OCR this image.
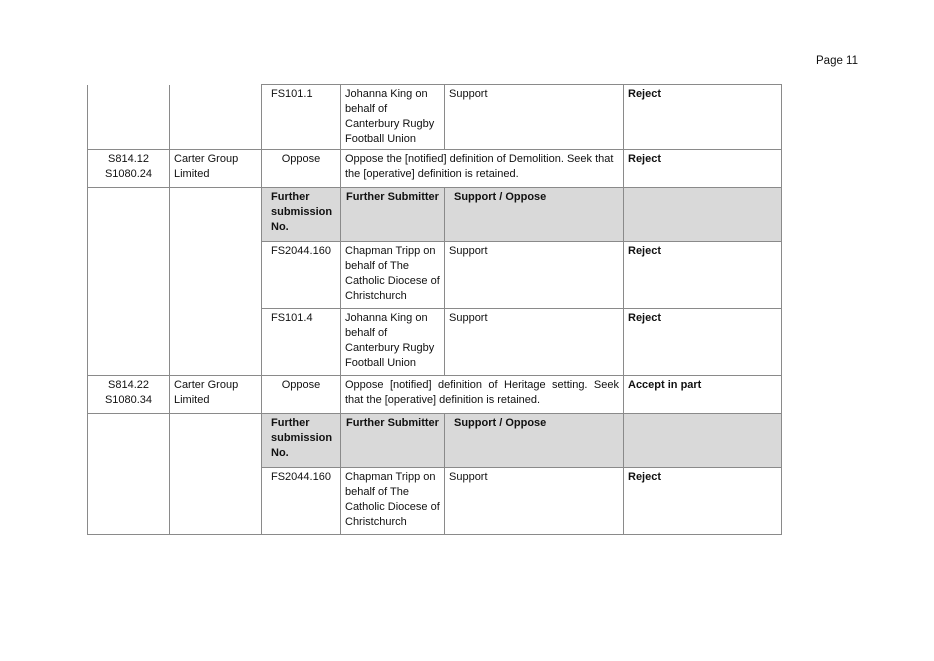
Page 11
		FS101.1	Johanna King on behalf of Canterbury Rugby Football Union	Support	Reject

S814.12
S1080.24	Carter Group Limited	Oppose	Oppose the [notified] definition of Demolition. Seek that the [operative] definition is retained.		Reject
		Further submission No.	Further Submitter	Support / Oppose	
		FS2044.160	Chapman Tripp on behalf of The Catholic Diocese of Christchurch	Support	Reject
		FS101.4	Johanna King on behalf of Canterbury Rugby Football Union	Support	Reject

S814.22
S1080.34	Carter Group Limited	Oppose	Oppose [notified] definition of Heritage setting. Seek that the [operative] definition is retained.		Accept in part
		Further submission No.	Further Submitter	Support / Oppose	
		FS2044.160	Chapman Tripp on behalf of The Catholic Diocese of Christchurch	Support	Reject
